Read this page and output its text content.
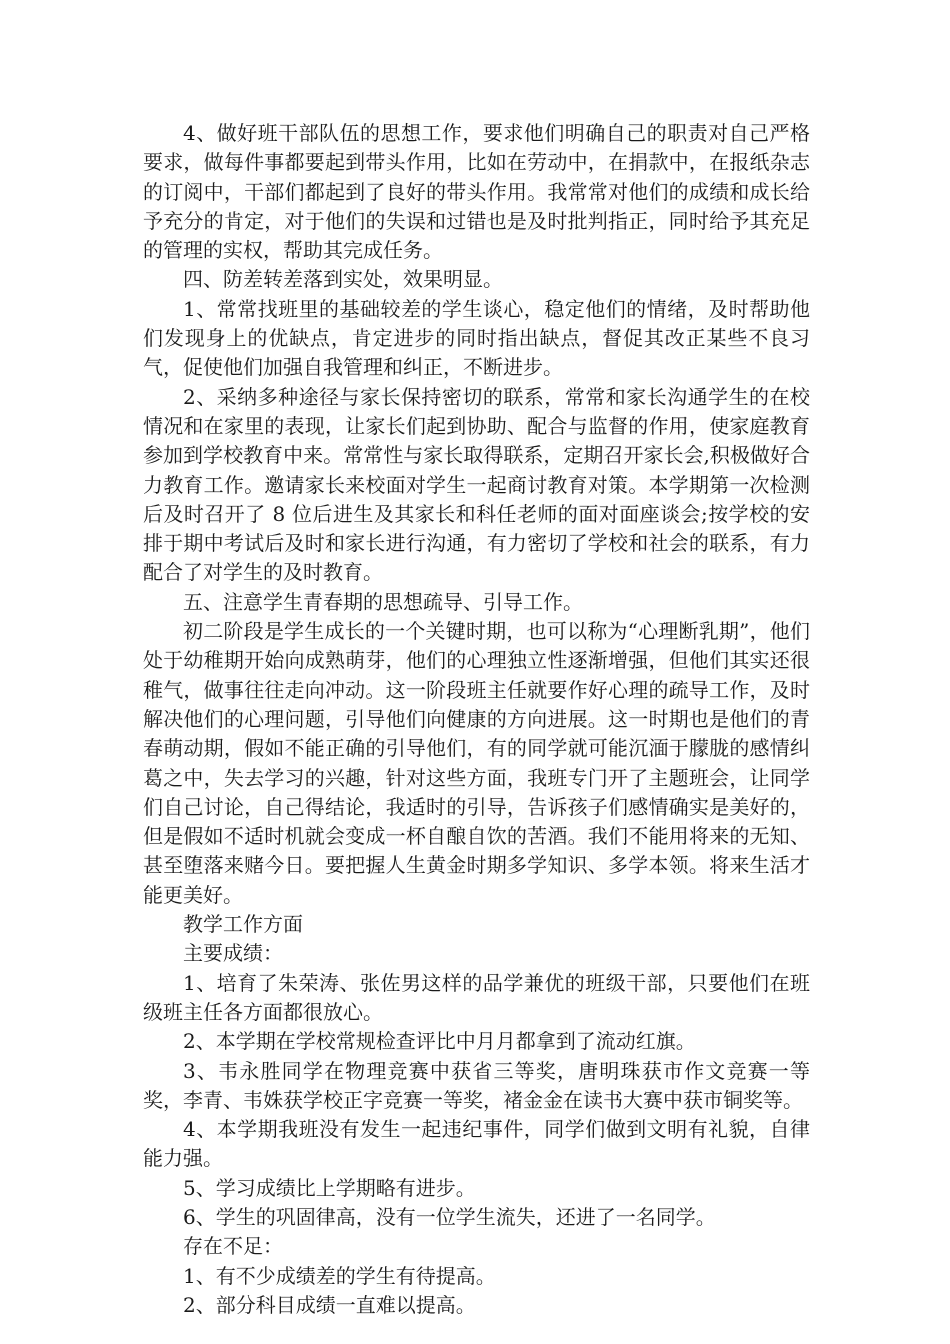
4、做好班干部队伍的思想工作，要求他们明确自己的职责对自己严格要求，做每件事都要起到带头作用，比如在劳动中，在捐款中，在报纸杂志的订阅中，干部们都起到了良好的带头作用。我常常对他们的成绩和成长给予充分的肯定，对于他们的失误和过错也是及时批判指正，同时给予其充足的管理的实权，帮助其完成任务。

四、防差转差落到实处，效果明显。

1、常常找班里的基础较差的学生谈心，稳定他们的情绪，及时帮助他们发现身上的优缺点，肯定进步的同时指出缺点，督促其改正某些不良习气，促使他们加强自我管理和纠正，不断进步。

2、采纳多种途径与家长保持密切的联系，常常和家长沟通学生的在校情况和在家里的表现，让家长们起到协助、配合与监督的作用，使家庭教育参加到学校教育中来。常常性与家长取得联系，定期召开家长会,积极做好合力教育工作。邀请家长来校面对学生一起商讨教育对策。本学期第一次检测后及时召开了 8 位后进生及其家长和科任老师的面对面座谈会;按学校的安排于期中考试后及时和家长进行沟通，有力密切了学校和社会的联系，有力配合了对学生的及时教育。

五、注意学生青春期的思想疏导、引导工作。

初二阶段是学生成长的一个关键时期，也可以称为“心理断乳期”，他们处于幼稚期开始向成熟萌芽，他们的心理独立性逐渐增强，但他们其实还很稚气，做事往往走向冲动。这一阶段班主任就要作好心理的疏导工作，及时解决他们的心理问题，引导他们向健康的方向进展。这一时期也是他们的青春萌动期，假如不能正确的引导他们，有的同学就可能沉湎于朦胧的感情纠葛之中，失去学习的兴趣，针对这些方面，我班专门开了主题班会，让同学们自己讨论，自己得结论，我适时的引导，告诉孩子们感情确实是美好的，但是假如不适时机就会变成一杯自酿自饮的苦酒。我们不能用将来的无知、甚至堕落来赌今日。要把握人生黄金时期多学知识、多学本领。将来生活才能更美好。

教学工作方面

主要成绩：

1、培育了朱荣涛、张佐男这样的品学兼优的班级干部，只要他们在班级班主任各方面都很放心。

2、本学期在学校常规检查评比中月月都拿到了流动红旗。

3、韦永胜同学在物理竞赛中获省三等奖，唐明珠获市作文竞赛一等奖，李青、韦姝获学校正字竞赛一等奖，褚金金在读书大赛中获市铜奖等。

4、本学期我班没有发生一起违纪事件，同学们做到文明有礼貌，自律能力强。

5、学习成绩比上学期略有进步。

6、学生的巩固律高，没有一位学生流失，还进了一名同学。

存在不足：

1、有不少成绩差的学生有待提高。

2、部分科目成绩一直难以提高。
